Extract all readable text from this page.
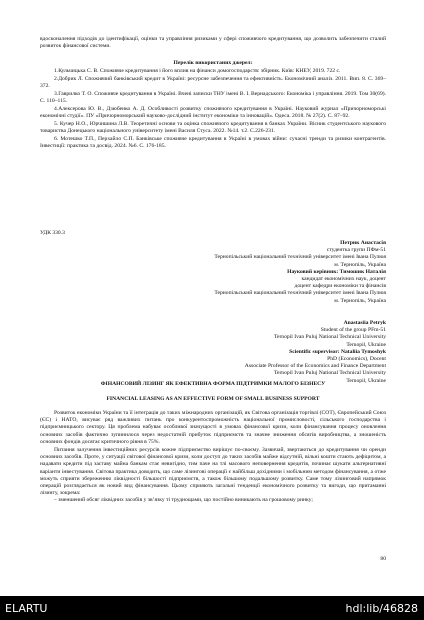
вдосконалення підходів до ідентифікації, оцінки та управління ризиками у сфері споживчого кредитування, що дозволить забезпечити сталий розвиток фінансової системи.
Перелік використаних джерел:
1.Кульчицька С. В. Споживче кредитування і його вплив на фінанси домогосподарств: збірник. Київ: КНЕУ, 2019. 722 с.
2.Добрик Л. Споживчий банківський кредит в Україні: ресурсне забезпечення та ефективність. Економічний аналіз. 2011. Вип. 8. С. 369–372.
3.Гаврилко Т. О. Споживче кредитування в Україні. Вчені записки ТНУ імені В. І. Вернадського: Економіка і управління. 2019. Том 30(69). С. 110–115.
4.Алексерова Ю. В., Дзюбенко А. Д. Особливості розвитку споживчого кредитування в Україні. Науковий журнал «Причорноморські економічні студії». ПУ «Причорноморський науково-дослідний інститут економіки та інновацій». Одеса. 2018. № 27(2). С. 87–92.
5. Кучер Н.О., Юрчишина Л.В. Теоретичні основи та оцінка споживчого кредитування в банках України. Вісник студентського наукового товариства Донецького національного університету імені Василя Стуса. 2022. №14. т.2. С.226-231.
6. Мотешко Т.П., Перхайло С.П. Банківське споживче кредитування в Україні в умовах війни: сучасні тренди та ризики контрагентів. Інвестиції: практика та досвід. 2024. №6. С. 176-185.
УДК 330.3
Петрик Анастасія
студентка групи ПФм-51
Тернопільський національний технічний університет імені Івана Пулюя
м. Тернопіль, Україна
Науковий керівник: Тимошик Наталія
кандидат економічних наук, доцент
доцент кафедри економіки та фінансів
Тернопільський національний технічний університет імені Івана Пулюя
м. Тернопіль, Україна
Anastasiia Petryk
Student of the group PFm-51
Ternopil Ivan Puluj National Technical University
Ternopil, Ukraine
Scientific supervisor: Nataliia Tymoshyk
PhD (Economics), Docent
Associate Professor of the Economics and Finance Department
Ternopil Ivan Puluj National Technical University
Ternopil, Ukraine
ФІНАНСОВИЙ ЛІЗИНГ ЯК ЕФЕКТИВНА ФОРМА ПІДТРИМКИ МАЛОГО БІЗНЕСУ
FINANCIAL LEASING AS AN EFFECTIVE FORM OF SMALL BUSINESS SUPPORT
Розвиток економіки України та її інтеграція до таких міжнародних організацій, як Світова організація торгівлі (СОТ), Європейський Союз (ЄС) і НАТО, висуває ряд важливих питань про конкурентоспроможність національної промисловості, сільського господарства і підприємницького сектору. Ця проблема набуває особливої значущості в умовах фінансової кризи, коли фінансування процесу оновлення основних засобів фактично зупинилося через недостатній прибуток підприємств та значне зниження обсягів виробництва, а зношеність основних фондів досягає критичного рівня в 75%.
Питання залучення інвестиційних ресурсів кожне підприємство вирішує по-своєму. Зазвичай, звертаються до кредитування чи оренди основних засобів. Проте, у ситуації світової фінансової кризи, коли доступ до таких засобів майже відсутній, вільні кошти стають дефіцитом, а надавати кредити під заставу майна банкам стає невигідно, тим паче на тлі масового неповернення кредитів, починає шукати альтернативні варіанти інвестування. Світова практика доводить, що саме лізингові операції є найбільш дохідними і мобільним методом фінансування, а отже можуть сприяти збереженню ліквідності більшості підприємств, а також більшому подальшому розвитку. Саме тому лізинговий напрямок операцій розглядається як новий вид фінансування. Цьому сприяють загальні тенденції економічного розвитку та вигоди, що притаманні лізингу, зокрема:
– зменшений обсяг ліквідних засобів у зв’язку ті труднощами, що постійно виникають на грошовому ринку;
80
ELARTU	hdl:lib/46828
